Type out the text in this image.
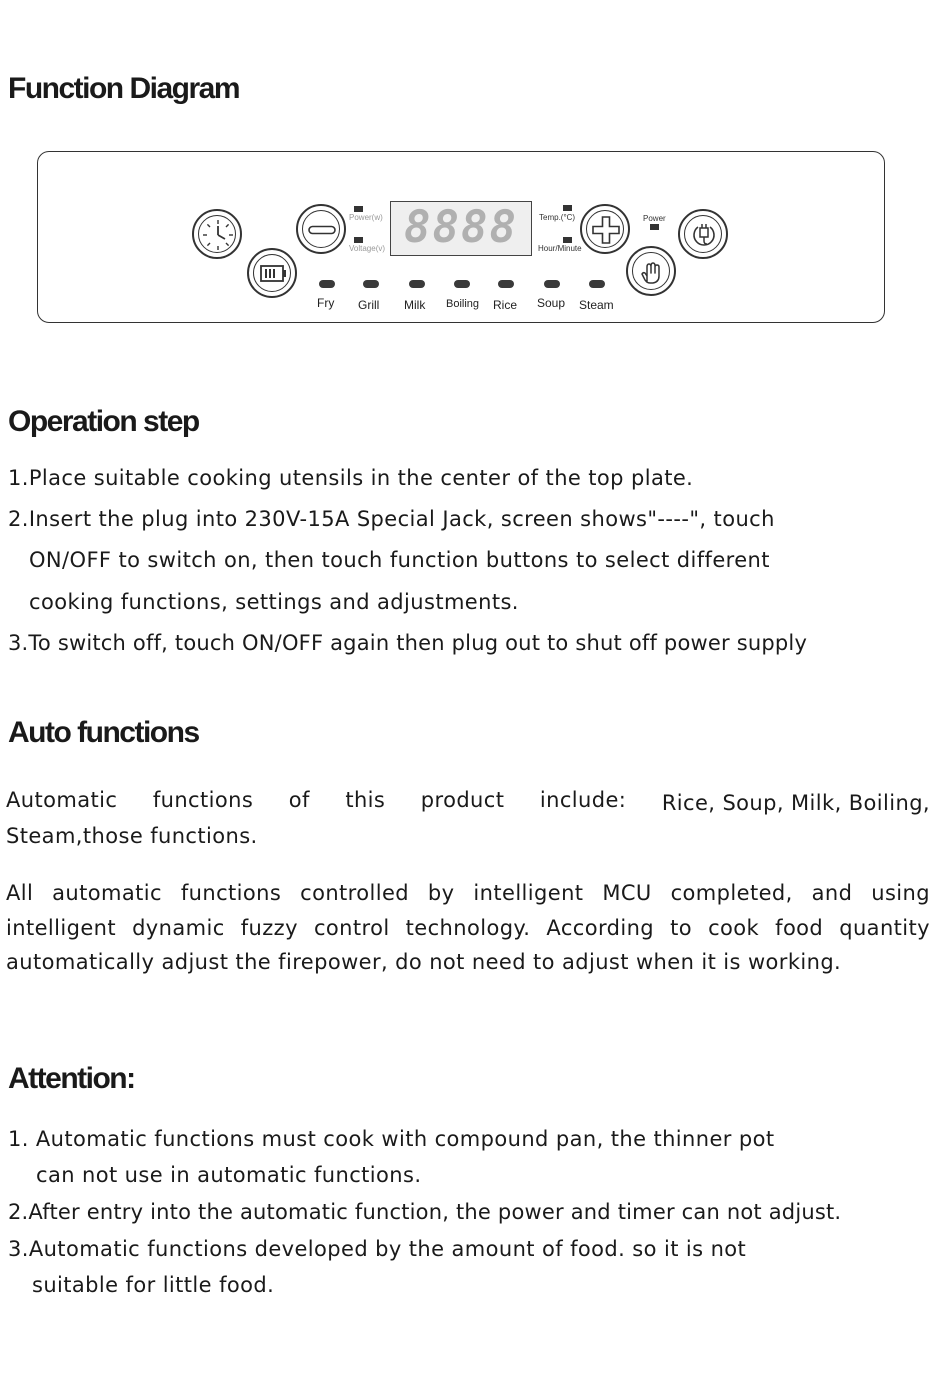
Function Diagram
Power(w)
Voltage(v) 8888	Temp.(°C)
Hour/Minute
Power
Fry Grill Milk Boiling Rice Soup Steam
Operation step

1.Place suitable cooking utensils in the center of the top plate.

2.Insert the plug into 230V-15A Special Jack, screen shows"----", touch

ON/OFF to switch on, then touch function buttons to select different

cooking functions, settings and adjustments.

3.To switch off, touch ON/OFF again then plug out to shut off power supply

Auto functions
Automatic functions of this product include: Rice, Soup, Milk, Boiling,

Steam,those functions.

All automatic functions controlled by intelligent MCU completed, and using intelligent dynamic fuzzy control technology. According to cook food quantity automatically adjust the firepower, do not need to adjust when it is working.

Attention:

1. Automatic functions must cook with compound pan, the thinner pot

can not use in automatic functions.

2.After entry into the automatic function, the power and timer can not adjust.

3.Automatic functions developed by the amount of food. so it is not

suitable for little food.
